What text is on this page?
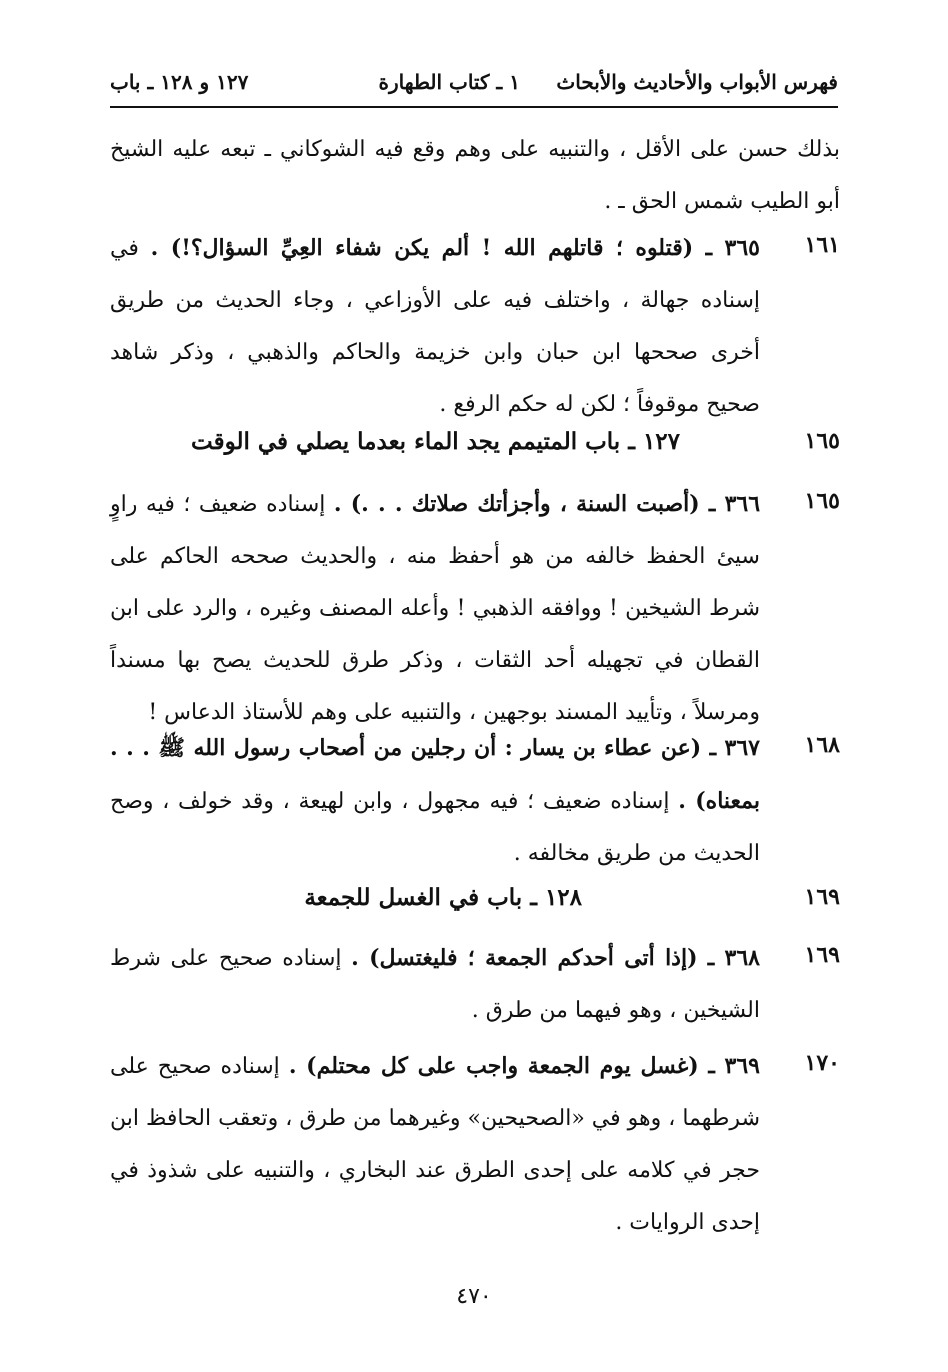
فهرس الأبواب والأحاديث والأبحاث
١ ـ كتاب الطهارة
١٢٧ و ١٢٨ ـ باب
بذلك حسن على الأقل ، والتنبيه على وهم وقع فيه الشوكاني ـ تبعه عليه الشيخ أبو الطيب شمس الحق ـ .
١٦١
٣٦٥ ـ (قتلوه ؛ قاتلهم الله ! ألم يكن شفاء العِيِّ السؤال؟!) . في إسناده جهالة ، واختلف فيه على الأوزاعي ، وجاء الحديث من طريق أخرى صححها ابن حبان وابن خزيمة والحاكم والذهبي ، وذكر شاهد صحيح موقوفاً ؛ لكن له حكم الرفع .
١٦٥
١٢٧ ـ باب المتيمم يجد الماء بعدما يصلي في الوقت
١٦٥
٣٦٦ ـ (أصبت السنة ، وأجزأتك صلاتك . . .) . إسناده ضعيف ؛ فيه راوٍ سيئ الحفظ خالفه من هو أحفظ منه ، والحديث صححه الحاكم على شرط الشيخين ! ووافقه الذهبي ! وأعله المصنف وغيره ، والرد على ابن القطان في تجهيله أحد الثقات ، وذكر طرق للحديث يصح بها مسنداً ومرسلاً ، وتأييد المسند بوجهين ، والتنبيه على وهم للأستاذ الدعاس !
١٦٨
٣٦٧ ـ (عن عطاء بن يسار : أن رجلين من أصحاب رسول الله ﷺ . . . بمعناه) . إسناده ضعيف ؛ فيه مجهول ، وابن لهيعة ، وقد خولف ، وصح الحديث من طريق مخالفه .
١٦٩
١٢٨ ـ باب في الغسل للجمعة
١٦٩
٣٦٨ ـ (إذا أتى أحدكم الجمعة ؛ فليغتسل) . إسناده صحيح على شرط الشيخين ، وهو فيهما من طرق .
١٧٠
٣٦٩ ـ (غسل يوم الجمعة واجب على كل محتلم) . إسناده صحيح على شرطهما ، وهو في «الصحيحين» وغيرهما من طرق ، وتعقب الحافظ ابن حجر في كلامه على إحدى الطرق عند البخاري ، والتنبيه على شذوذ في إحدى الروايات .
٤٧٠
